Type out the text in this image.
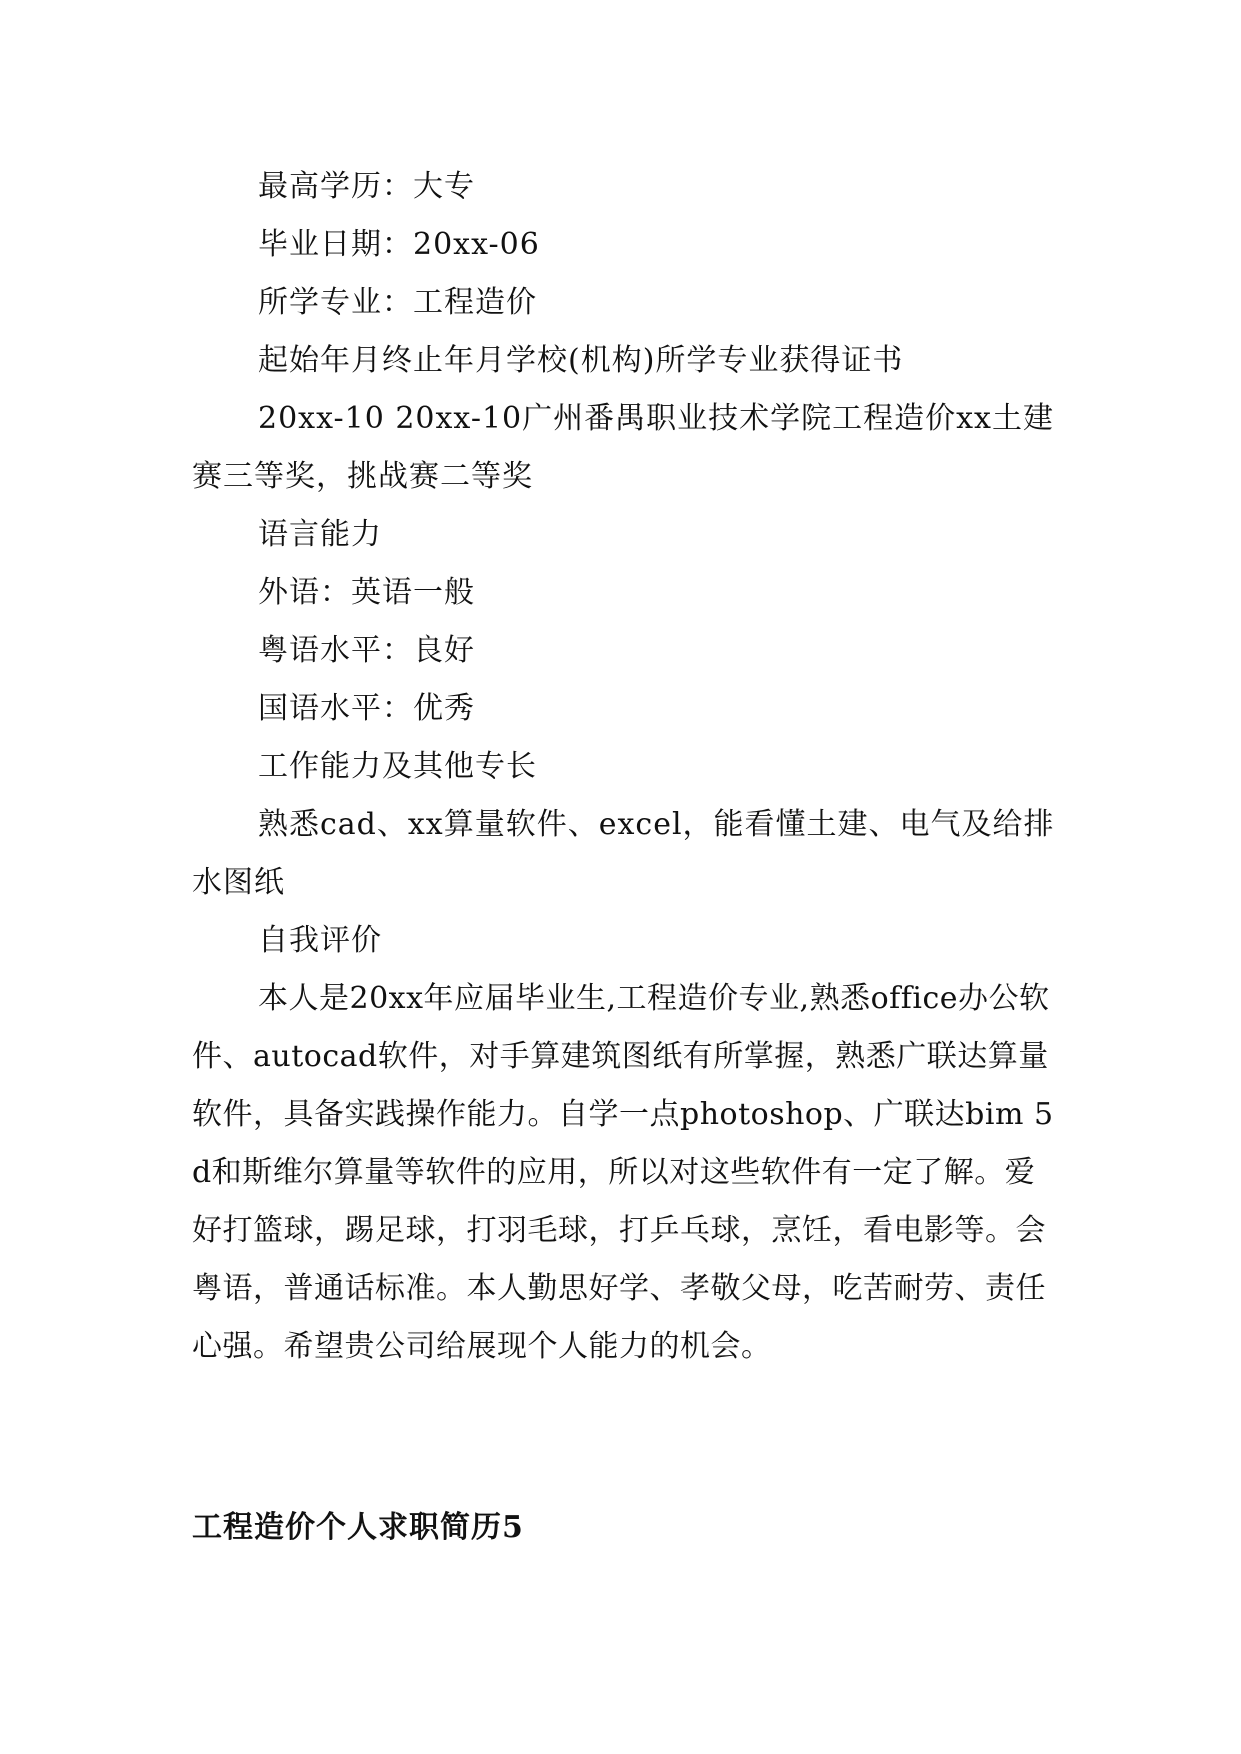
最高学历：大专

毕业日期：20xx-06

所学专业：工程造价

起始年月终止年月学校(机构)所学专业获得证书

20xx-10 20xx-10广州番禺职业技术学院工程造价xx土建赛三等奖，挑战赛二等奖

语言能力

外语：英语一般

粤语水平：良好

国语水平：优秀

工作能力及其他专长

熟悉cad、xx算量软件、excel，能看懂土建、电气及给排水图纸

自我评价

本人是20xx年应届毕业生,工程造价专业,熟悉office办公软件、autocad软件，对手算建筑图纸有所掌握，熟悉广联达算量软件，具备实践操作能力。自学一点photoshop、广联达bim 5d和斯维尔算量等软件的应用，所以对这些软件有一定了解。爱好打篮球，踢足球，打羽毛球，打乒乓球，烹饪，看电影等。会粤语，普通话标准。本人勤思好学、孝敬父母，吃苦耐劳、责任心强。希望贵公司给展现个人能力的机会。

工程造价个人求职简历5
